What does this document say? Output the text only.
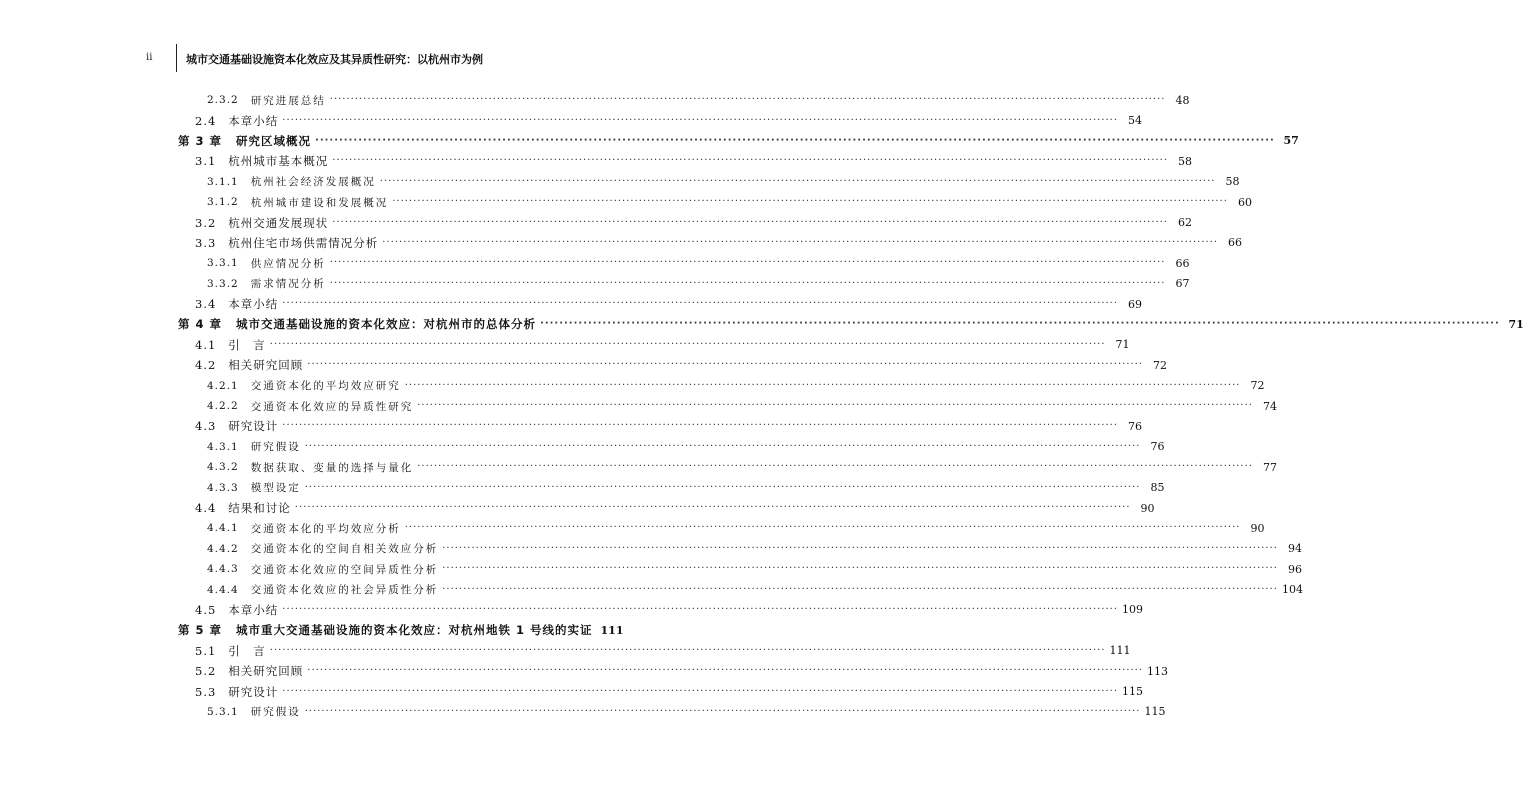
ii	城市交通基础设施资本化效应及其异质性研究：以杭州市为例
2.3.2 研究进展总结 ········································································································································································································ 48
2.4 本章小结 ········································································································································································································ 54
第 3 章 研究区域概况 ········································································································································································································ 57
3.1 杭州城市基本概况 ········································································································································································································ 58
3.1.1 杭州社会经济发展概况 ········································································································································································································ 58
3.1.2 杭州城市建设和发展概况 ········································································································································································································ 60
3.2 杭州交通发展现状 ········································································································································································································ 62
3.3 杭州住宅市场供需情况分析 ········································································································································································································ 66
3.3.1 供应情况分析 ········································································································································································································ 66
3.3.2 需求情况分析 ········································································································································································································ 67
3.4 本章小结 ········································································································································································································ 69
第 4 章 城市交通基础设施的资本化效应：对杭州市的总体分析 ········································································································································································································ 71
4.1 引　言 ········································································································································································································ 71
4.2 相关研究回顾 ········································································································································································································ 72
4.2.1 交通资本化的平均效应研究 ········································································································································································································ 72
4.2.2 交通资本化效应的异质性研究 ········································································································································································································ 74
4.3 研究设计 ········································································································································································································ 76
4.3.1 研究假设 ········································································································································································································ 76
4.3.2 数据获取、变量的选择与量化 ········································································································································································································ 77
4.3.3 模型设定 ········································································································································································································ 85
4.4 结果和讨论 ········································································································································································································ 90
4.4.1 交通资本化的平均效应分析 ········································································································································································································ 90
4.4.2 交通资本化的空间自相关效应分析 ········································································································································································································ 94
4.4.3 交通资本化效应的空间异质性分析 ········································································································································································································ 96
4.4.4 交通资本化效应的社会异质性分析 ········································································································································································································ 104
4.5 本章小结 ········································································································································································································ 109
第 5 章 城市重大交通基础设施的资本化效应：对杭州地铁 1 号线的实证 111
5.1 引　言 ········································································································································································································ 111
5.2 相关研究回顾 ········································································································································································································ 113
5.3 研究设计 ········································································································································································································ 115
5.3.1 研究假设 ········································································································································································································ 115
